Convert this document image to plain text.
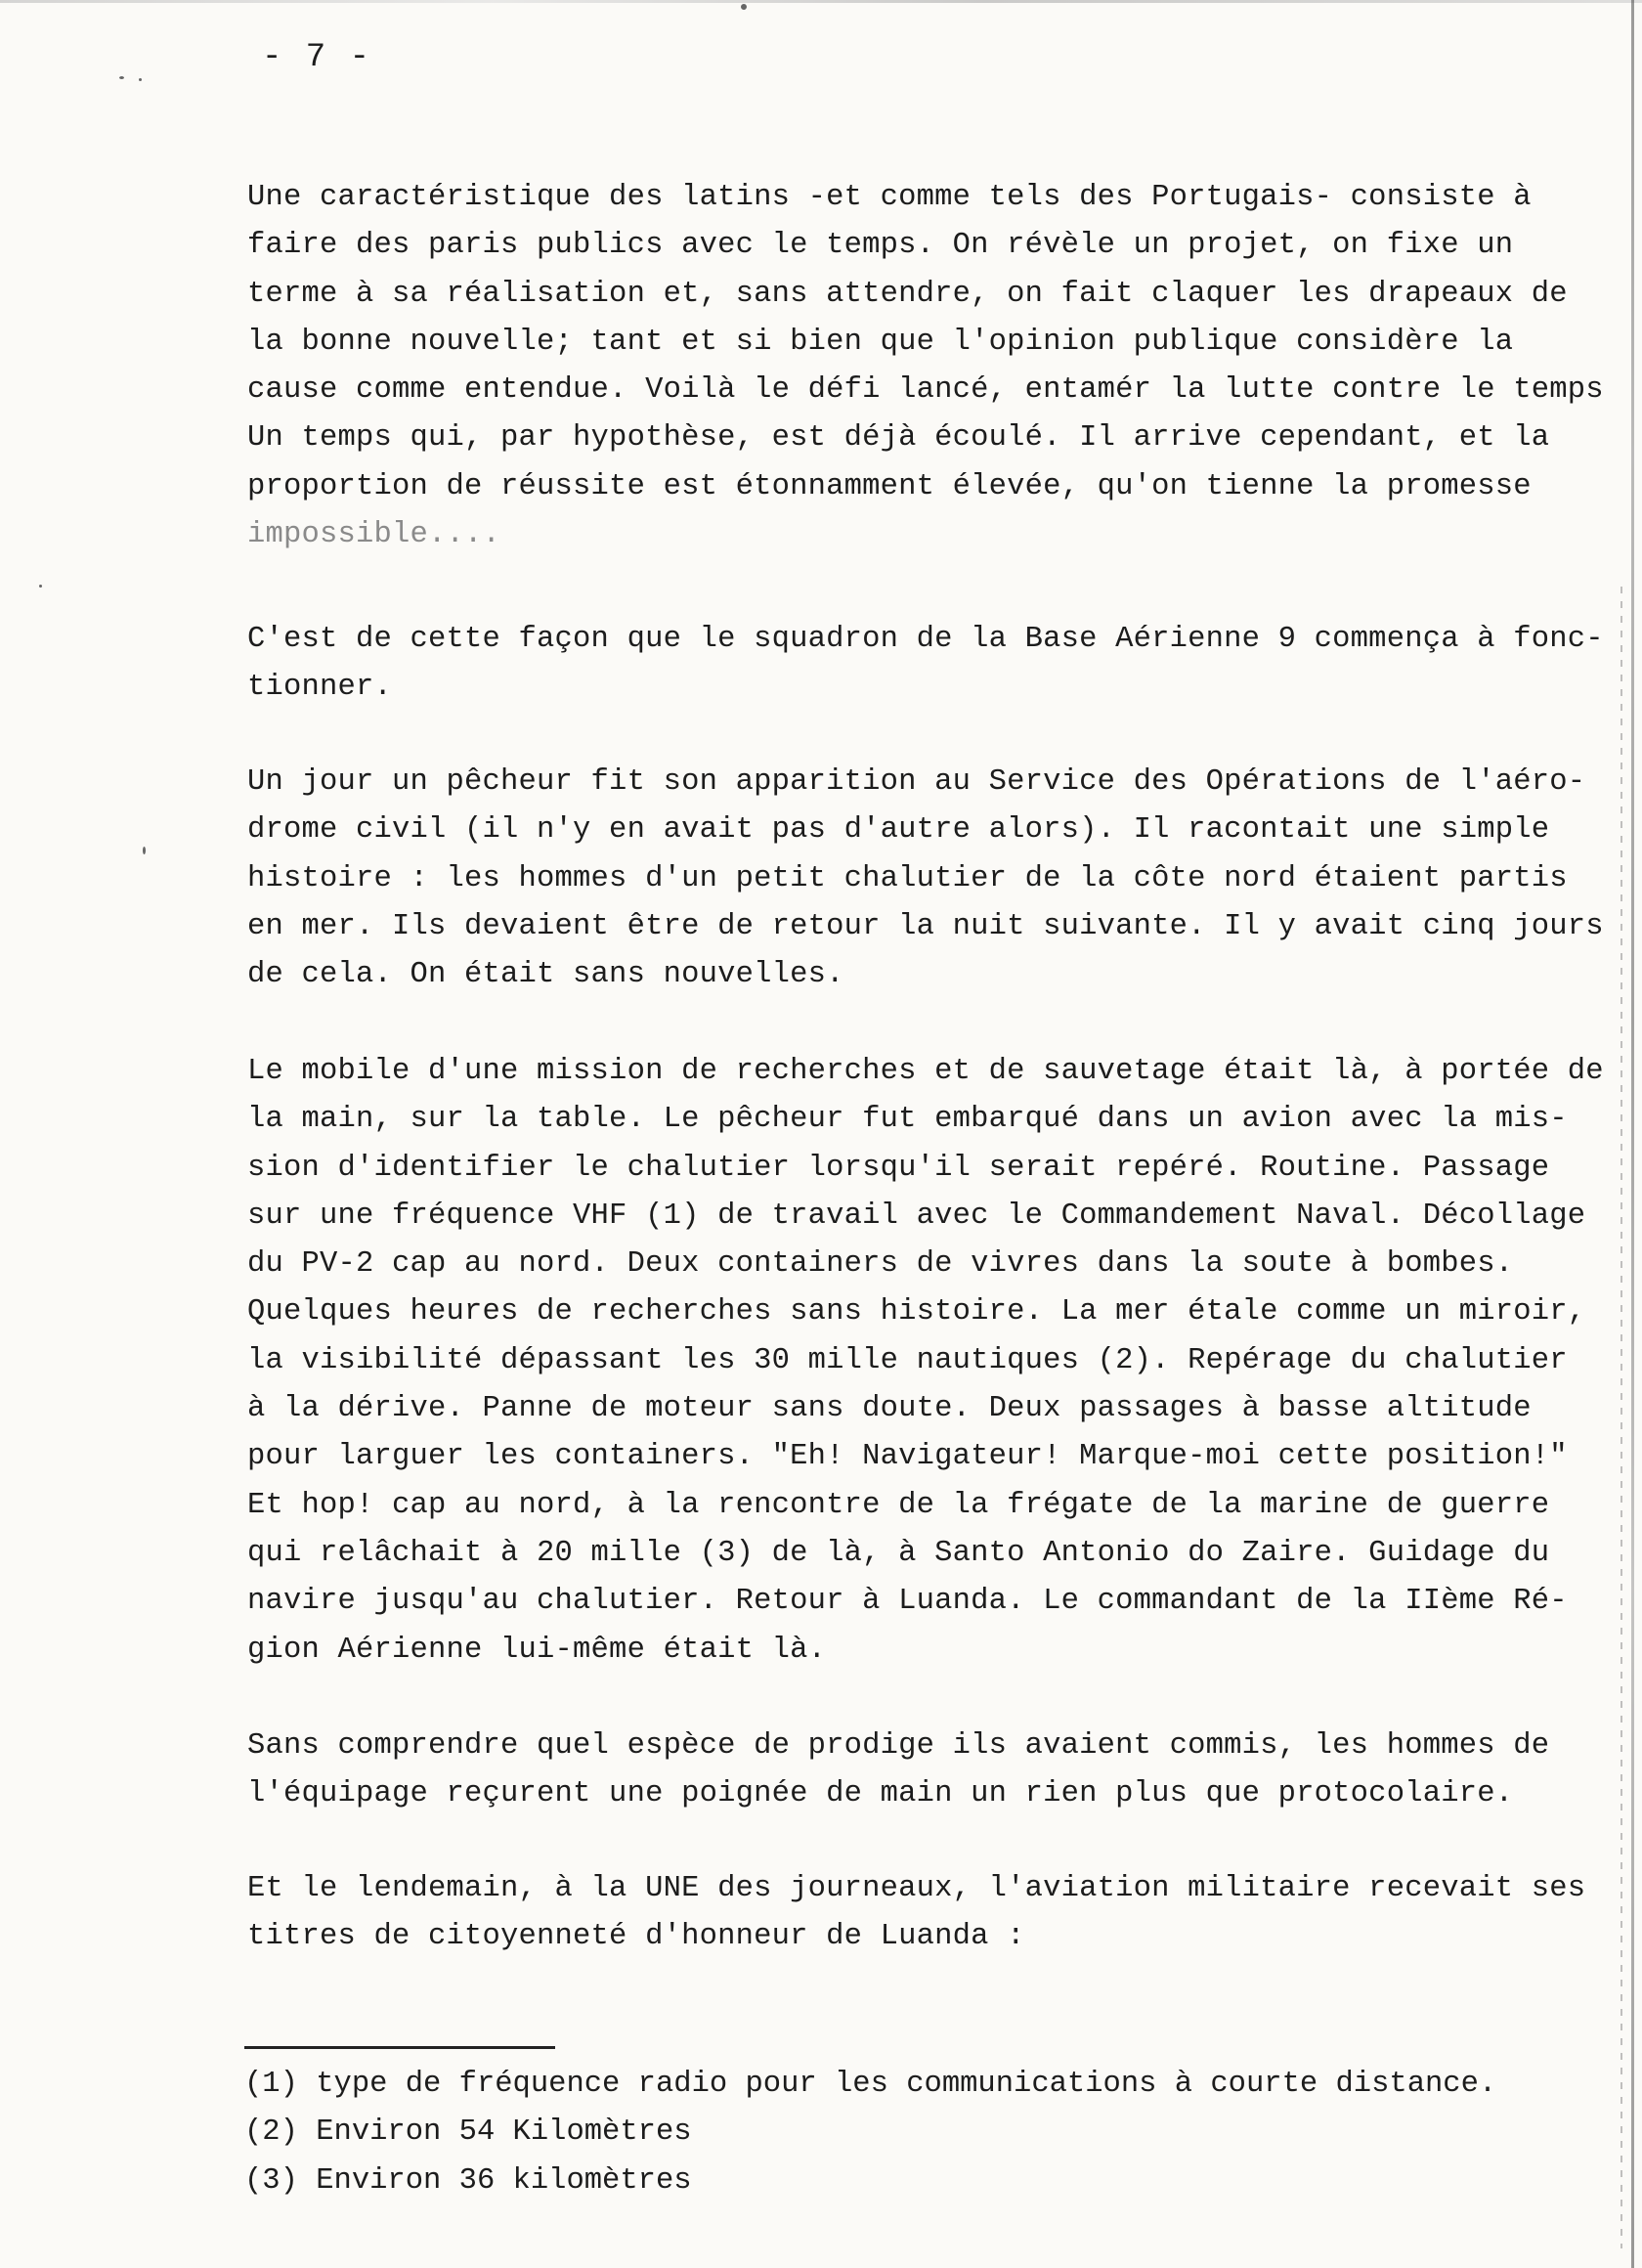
- 7 -
Une caractéristique des latins -et comme tels des Portugais- consiste à
faire des paris publics avec le temps. On révèle un projet, on fixe un
terme à sa réalisation et, sans attendre, on fait claquer les drapeaux de
la bonne nouvelle; tant et si bien que l'opinion publique considère la
cause comme entendue. Voilà le défi lancé, entamér la lutte contre le temps
Un temps qui, par hypothèse, est déjà écoulé. Il arrive cependant, et la
proportion de réussite est étonnamment élevée, qu'on tienne la promesse
impossible....
C'est de cette façon que le squadron de la Base Aérienne 9 commença à fonc-
tionner.
Un jour un pêcheur fit son apparition au Service des Opérations de l'aéro-
drome civil (il n'y en avait pas d'autre alors). Il racontait une simple
histoire : les hommes d'un petit chalutier de la côte nord étaient partis
en mer. Ils devaient être de retour la nuit suivante. Il y avait cinq jours
de cela. On était sans nouvelles.
Le mobile d'une mission de recherches et de sauvetage était là, à portée de
la main, sur la table. Le pêcheur fut embarqué dans un avion avec la mis-
sion d'identifier le chalutier lorsqu'il serait repéré. Routine. Passage
sur une fréquence VHF (1) de travail avec le Commandement Naval. Décollage
du PV-2 cap au nord. Deux containers de vivres dans la soute à bombes.
Quelques heures de recherches sans histoire. La mer étale comme un miroir,
la visibilité dépassant les 30 mille nautiques (2). Repérage du chalutier
à la dérive. Panne de moteur sans doute. Deux passages à basse altitude
pour larguer les containers. "Eh! Navigateur! Marque-moi cette position!"
Et hop! cap au nord, à la rencontre de la frégate de la marine de guerre
qui relâchait à 20 mille (3) de là, à Santo Antonio do Zaire. Guidage du
navire jusqu'au chalutier. Retour à Luanda. Le commandant de la IIème Ré-
gion Aérienne lui-même était là.
Sans comprendre quel espèce de prodige ils avaient commis, les hommes de
l'équipage reçurent une poignée de main un rien plus que protocolaire.
Et le lendemain, à la UNE des journeaux, l'aviation militaire recevait ses
titres de citoyenneté d'honneur de Luanda :
(1) type de fréquence radio pour les communications à courte distance.
(2) Environ 54 Kilomètres
(3) Environ 36 kilomètres
